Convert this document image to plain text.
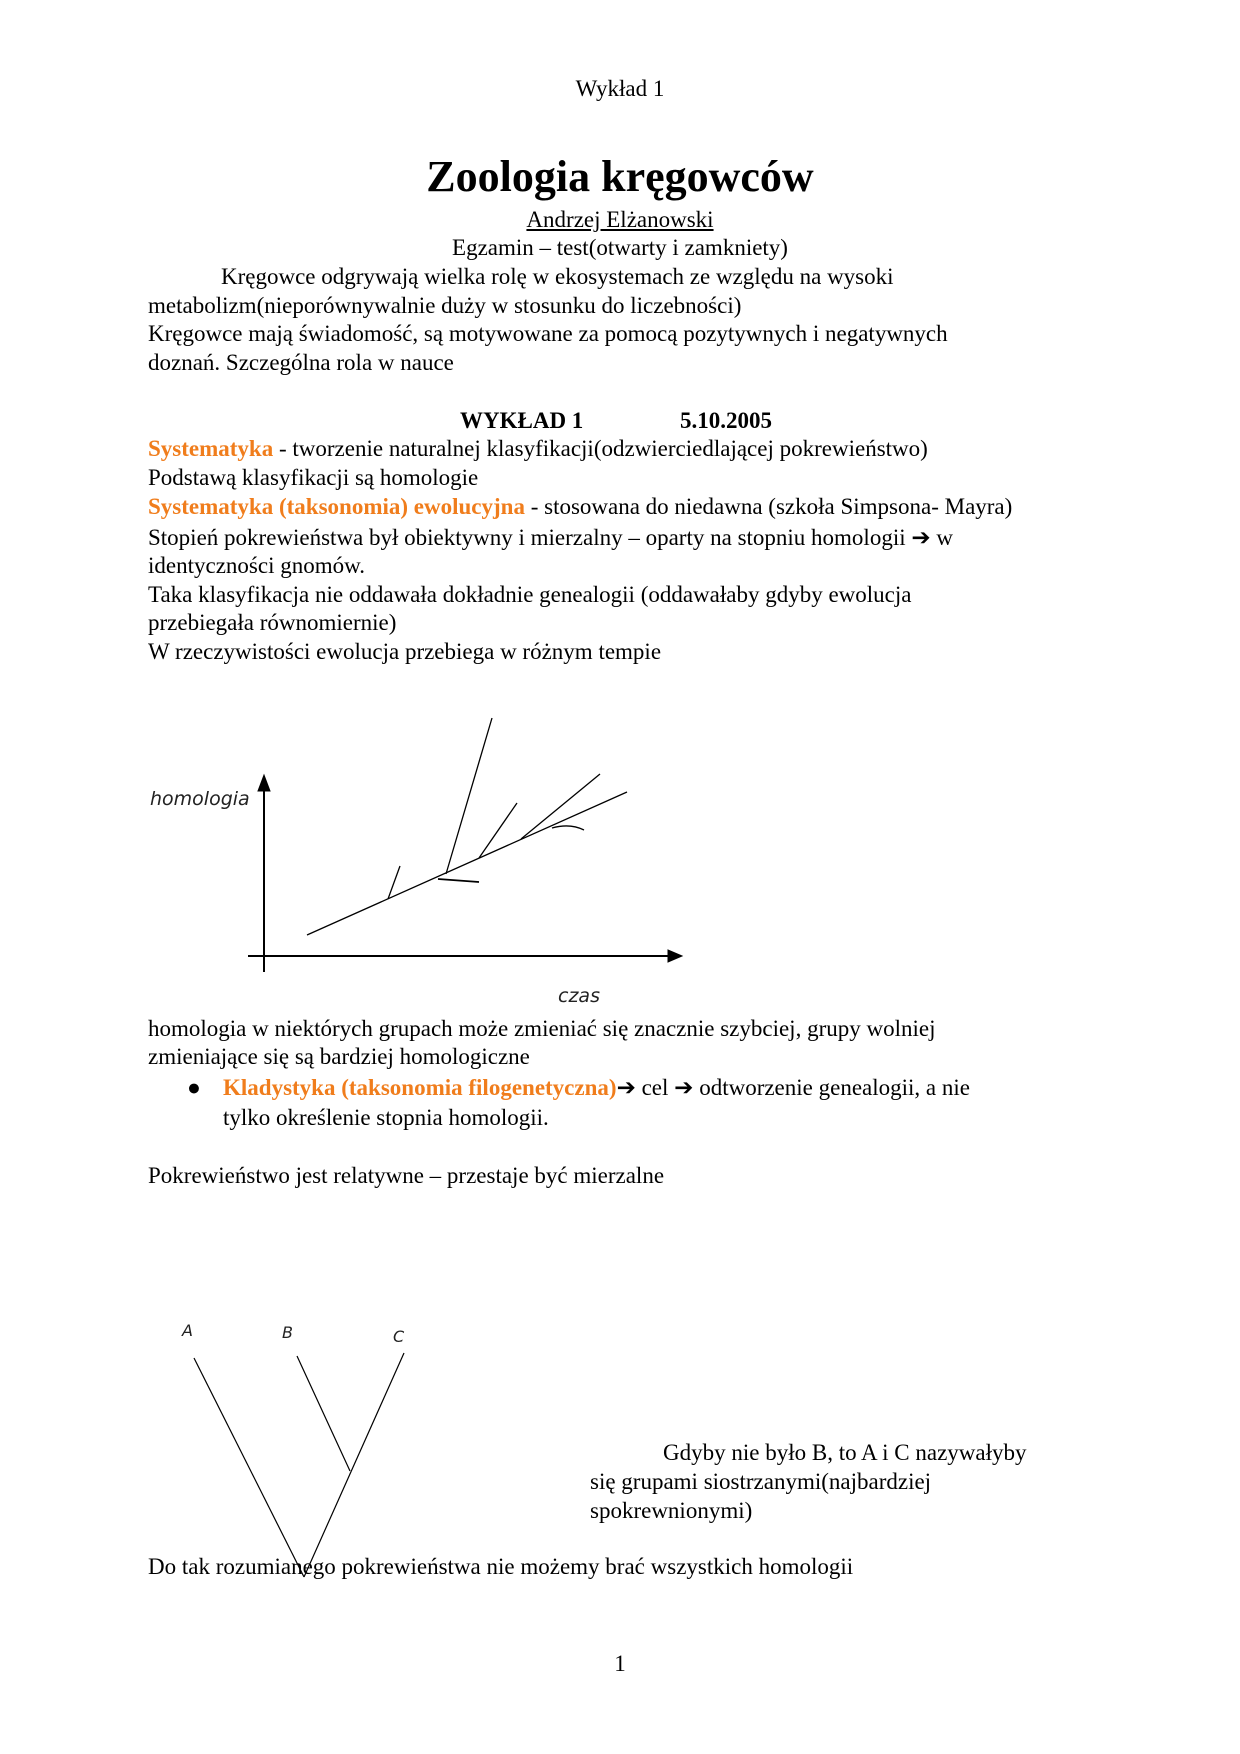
Wykład 1
Zoologia kręgowców
Andrzej Elżanowski
Egzamin – test(otwarty i zamkniety)
Kręgowce odgrywają wielka rolę w ekosystemach ze względu na wysoki
metabolizm(nieporównywalnie duży w stosunku do liczebności)
Kręgowce mają świadomość, są motywowane za pomocą pozytywnych i negatywnych
doznań. Szczególna rola w nauce
WYKŁAD 1	5.10.2005
Systematyka - tworzenie naturalnej klasyfikacji(odzwierciedlającej pokrewieństwo)
Podstawą klasyfikacji są homologie
Systematyka (taksonomia) ewolucyjna - stosowana do niedawna (szkoła Simpsona- Mayra)
Stopień pokrewieństwa był obiektywny i mierzalny – oparty na stopniu homologii ➔ w
identyczności gnomów.
Taka klasyfikacja nie oddawała dokładnie genealogii (oddawałaby gdyby ewolucja
przebiegała równomiernie)
W rzeczywistości ewolucja przebiega w różnym tempie
homologia
czas
A	B	C
homologia w niektórych grupach może zmieniać się znacznie szybciej, grupy wolniej
zmieniające się są bardziej homologiczne
● Kladystyka (taksonomia filogenetyczna)➔ cel ➔ odtworzenie genealogii, a nie
tylko określenie stopnia homologii.
Pokrewieństwo jest relatywne – przestaje być mierzalne
Gdyby nie było B, to A i C nazywałyby
się grupami siostrzanymi(najbardziej
spokrewnionymi)
Do tak rozumianego pokrewieństwa nie możemy brać wszystkich homologii
1
